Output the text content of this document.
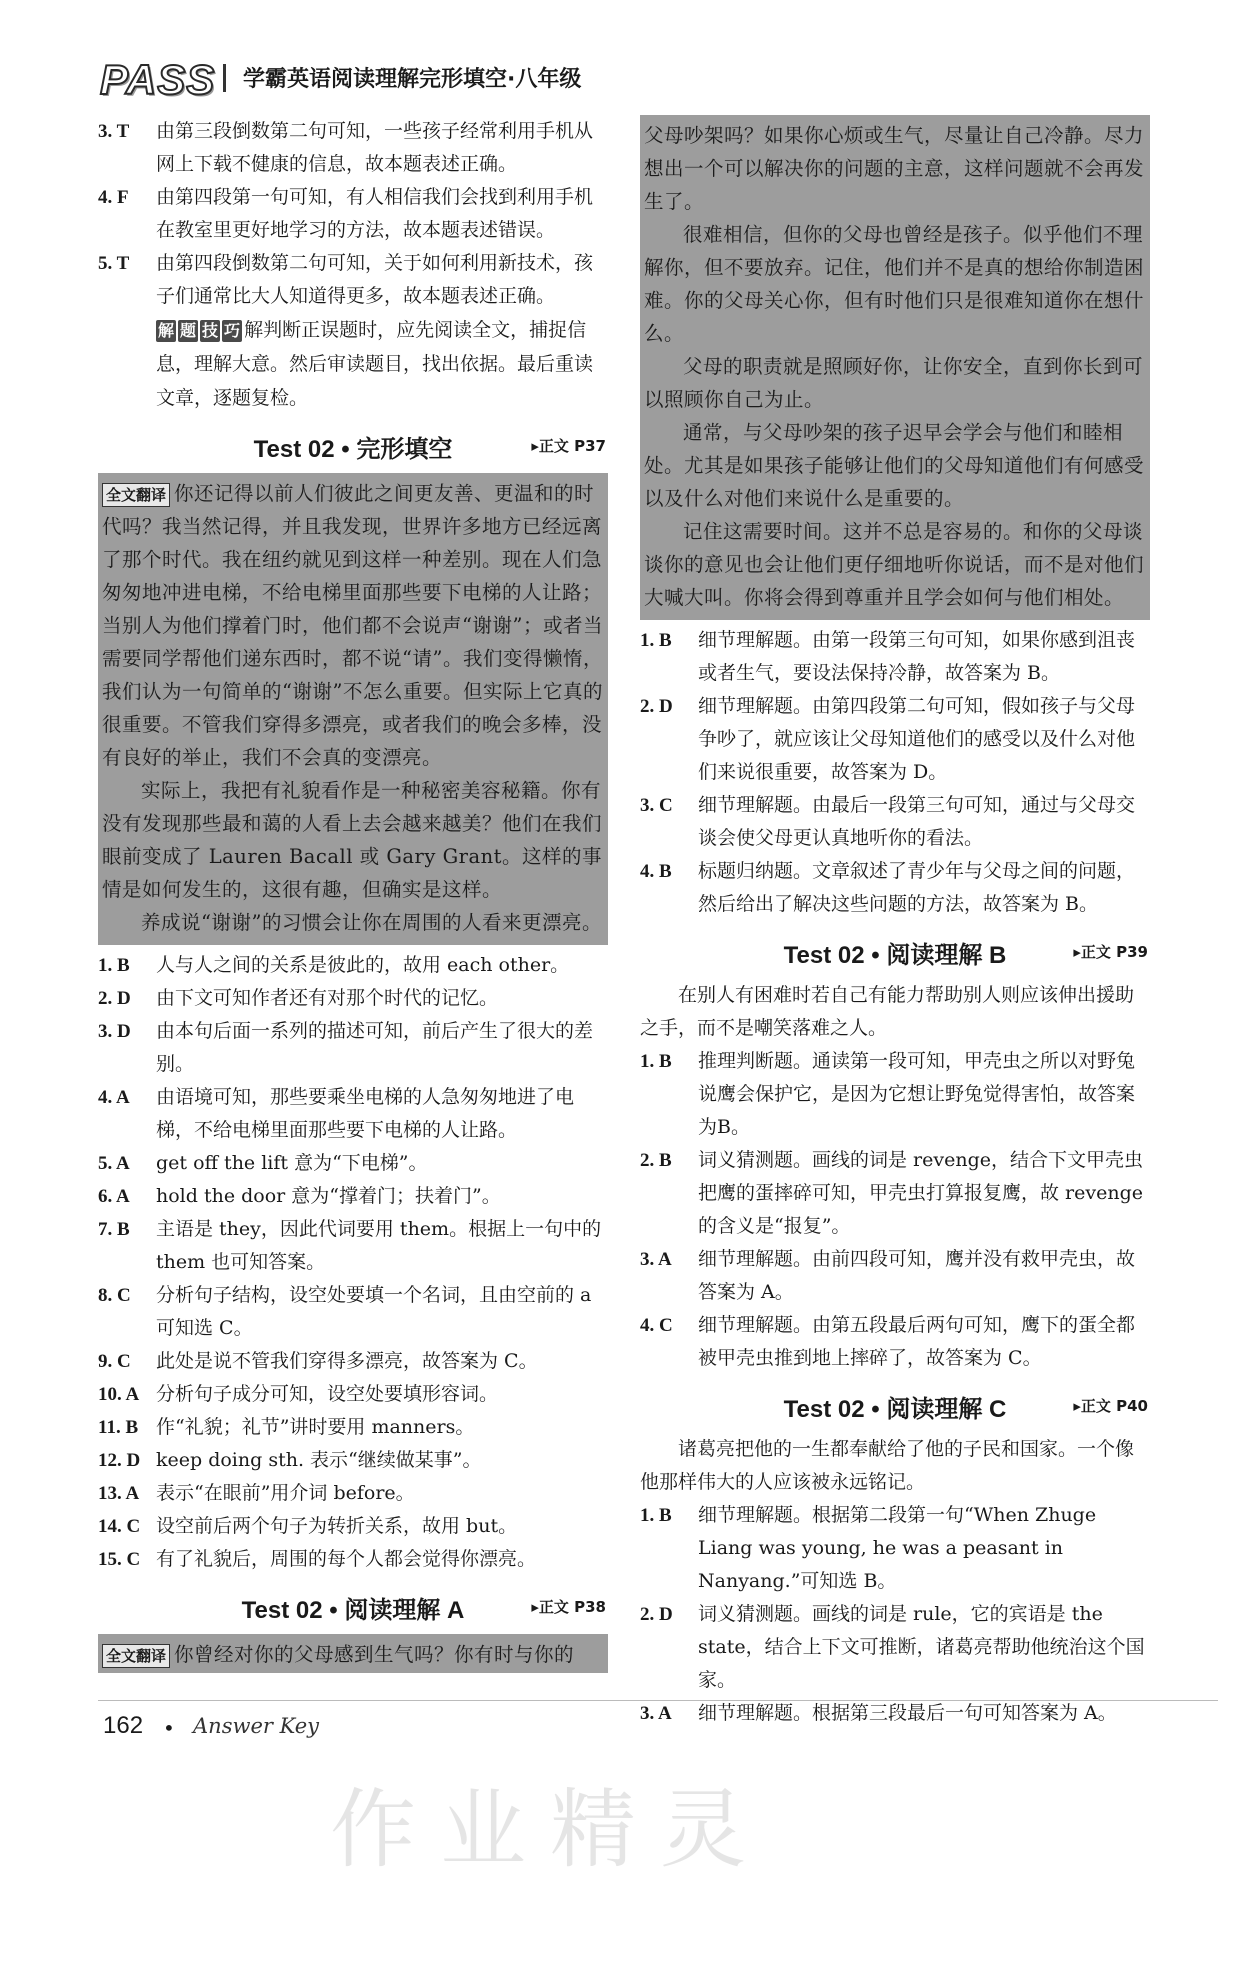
PASS 学霸英语阅读理解完形填空·八年级
3. T	由第三段倒数第二句可知，一些孩子经常利用手机从网上下载不健康的信息，故本题表述正确。
4. F	由第四段第一句可知，有人相信我们会找到利用手机在教室里更好地学习的方法，故本题表述错误。
5. T	由第四段倒数第二句可知，关于如何利用新技术，孩子们通常比大人知道得更多，故本题表述正确。
解 题 技 巧 解判断正误题时，应先阅读全文，捕捉信息，理解大意。然后审读题目，找出依据。最后重读文章，逐题复检。
Test 02 • 完形填空	▸正文 P37

全文翻译 你还记得以前人们彼此之间更友善、更温和的时代吗？我当然记得，并且我发现，世界许多地方已经远离了那个时代。我在纽约就见到这样一种差别。现在人们急匆匆地冲进电梯，不给电梯里面那些要下电梯的人让路；当别人为他们撑着门时，他们都不会说声“谢谢”；或者当需要同学帮他们递东西时，都不说“请”。我们变得懒惰，我们认为一句简单的“谢谢”不怎么重要。但实际上它真的很重要。不管我们穿得多漂亮，或者我们的晚会多棒，没有良好的举止，我们不会真的变漂亮。

实际上，我把有礼貌看作是一种秘密美容秘籍。你有没有发现那些最和蔼的人看上去会越来越美？他们在我们眼前变成了 Lauren Bacall 或 Gary Grant。这样的事情是如何发生的，这很有趣，但确实是这样。

养成说“谢谢”的习惯会让你在周围的人看来更漂亮。

1. B	人与人之间的关系是彼此的，故用 each other。
2. D	由下文可知作者还有对那个时代的记忆。
3. D	由本句后面一系列的描述可知，前后产生了很大的差别。
4. A	由语境可知，那些要乘坐电梯的人急匆匆地进了电梯，不给电梯里面那些要下电梯的人让路。
5. A	get off the lift 意为“下电梯”。
6. A	hold the door 意为“撑着门；扶着门”。
7. B	主语是 they，因此代词要用 them。根据上一句中的 them 也可知答案。
8. C	分析句子结构，设空处要填一个名词，且由空前的 a 可知选 C。
9. C	此处是说不管我们穿得多漂亮，故答案为 C。
10. A 分析句子成分可知，设空处要填形容词。
11. B 作“礼貌；礼节”讲时要用 manners。
12. D keep doing sth. 表示“继续做某事”。
13. A 表示“在眼前”用介词 before。
14. C 设空前后两个句子为转折关系，故用 but。
15. C 有了礼貌后，周围的每个人都会觉得你漂亮。
Test 02 • 阅读理解 A	▸正文 P38

全文翻译 你曾经对你的父母感到生气吗？你有时与你的

父母吵架吗？如果你心烦或生气，尽量让自己冷静。尽力想出一个可以解决你的问题的主意，这样问题就不会再发生了。

很难相信，但你的父母也曾经是孩子。似乎他们不理解你，但不要放弃。记住，他们并不是真的想给你制造困难。你的父母关心你，但有时他们只是很难知道你在想什么。

父母的职责就是照顾好你，让你安全，直到你长到可以照顾你自己为止。

通常，与父母吵架的孩子迟早会学会与他们和睦相处。尤其是如果孩子能够让他们的父母知道他们有何感受以及什么对他们来说什么是重要的。

记住这需要时间。这并不总是容易的。和你的父母谈谈你的意见也会让他们更仔细地听你说话，而不是对他们大喊大叫。你将会得到尊重并且学会如何与他们相处。

1. B	细节理解题。由第一段第三句可知，如果你感到沮丧或者生气，要设法保持冷静，故答案为 B。
2. D	细节理解题。由第四段第二句可知，假如孩子与父母争吵了，就应该让父母知道他们的感受以及什么对他们来说很重要，故答案为 D。
3. C	细节理解题。由最后一段第三句可知，通过与父母交谈会使父母更认真地听你的看法。
4. B	标题归纳题。文章叙述了青少年与父母之间的问题，然后给出了解决这些问题的方法，故答案为 B。
Test 02 • 阅读理解 B	▸正文 P39

在别人有困难时若自己有能力帮助别人则应该伸出援助之手，而不是嘲笑落难之人。

1. B	推理判断题。通读第一段可知，甲壳虫之所以对野兔说鹰会保护它，是因为它想让野兔觉得害怕，故答案为B。
2. B	词义猜测题。画线的词是 revenge，结合下文甲壳虫把鹰的蛋摔碎可知，甲壳虫打算报复鹰，故 revenge 的含义是“报复”。
3. A	细节理解题。由前四段可知，鹰并没有救甲壳虫，故答案为 A。
4. C	细节理解题。由第五段最后两句可知，鹰下的蛋全都被甲壳虫推到地上摔碎了，故答案为 C。
Test 02 • 阅读理解 C	▸正文 P40

诸葛亮把他的一生都奉献给了他的子民和国家。一个像他那样伟大的人应该被永远铭记。

1. B	细节理解题。根据第二段第一句“When Zhuge Liang was young, he was a peasant in Nanyang.”可知选 B。
2. D	词义猜测题。画线的词是 rule，它的宾语是 the state，结合上下文可推断，诸葛亮帮助他统治这个国家。
3. A	细节理解题。根据第三段最后一句可知答案为 A。
162 • Answer Key
作业精灵
